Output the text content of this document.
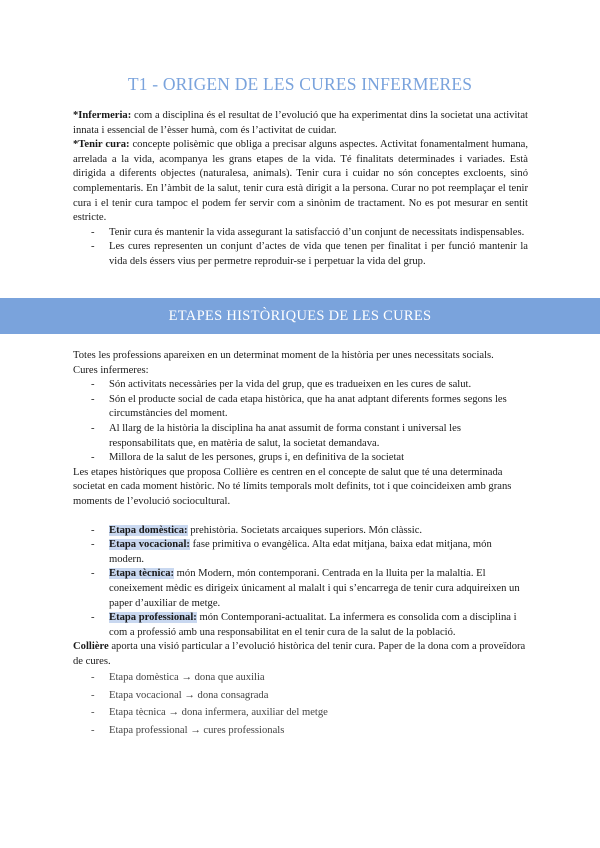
T1 - ORIGEN DE LES CURES INFERMERES
*Infermeria: com a disciplina és el resultat de l’evolució que ha experimentat dins la societat una activitat innata i essencial de l’èsser humà, com és l’activitat de cuidar.
*Tenir cura: concepte polisèmic que obliga a precisar alguns aspectes. Activitat fonamentalment humana, arrelada a la vida, acompanya les grans etapes de la vida. Té finalitats determinades i variades. Està dirigida a diferents objectes (naturalesa, animals). Tenir cura i cuidar no són conceptes excloents, sinó complementaris. En l’àmbit de la salut, tenir cura està dirigit a la persona. Curar no pot reemplaçar el tenir cura i el tenir cura tampoc el podem fer servir com a sinònim de tractament. No es pot mesurar en sentit estricte.
- Tenir cura és mantenir la vida assegurant la satisfacció d’un conjunt de necessitats indispensables.
- Les cures representen un conjunt d’actes de vida que tenen per finalitat i per funció mantenir la vida dels éssers vius per permetre reproduir-se i perpetuar la vida del grup.
ETAPES HISTÒRIQUES DE LES CURES
Totes les professions apareixen en un determinat moment de la història per unes necessitats socials.
Cures infermeres:
- Són activitats necessàries per la vida del grup, que es tradueixen en les cures de salut.
- Són el producte social de cada etapa històrica, que ha anat adptant diferents formes segons les circumstàncies del moment.
- Al llarg de la història la disciplina ha anat assumit de forma constant i universal les responsabilitats que, en matèria de salut, la societat demandava.
- Millora de la salut de les persones, grups i, en definitiva de la societat
Les etapes històriques que proposa Collière es centren en el concepte de salut que té una determinada societat en cada moment històric. No té límits temporals molt definits, tot i que coincideixen amb grans moments de l’evolució sociocultural.
- Etapa domèstica: prehistòria. Societats arcaiques superiors. Món clàssic.
- Etapa vocacional: fase primitiva o evangèlica. Alta edat mitjana, baixa edat mitjana, món modern.
- Etapa tècnica: món Modern, món contemporani. Centrada en la lluita per la malaltia. El coneixement mèdic es dirigeix únicament al malalt i qui s’encarrega de tenir cura adquireixen un paper d’auxiliar de metge.
- Etapa professional: món Contemporani-actualitat. La infermera es consolida com a disciplina i com a professió amb una responsabilitat en el tenir cura de la salut de la població.
Collière aporta una visió particular a l’evolució històrica del tenir cura. Paper de la dona com a proveïdora de cures.
- Etapa domèstica → dona que auxilia
- Etapa vocacional → dona consagrada
- Etapa tècnica → dona infermera, auxiliar del metge
- Etapa professional → cures professionals
